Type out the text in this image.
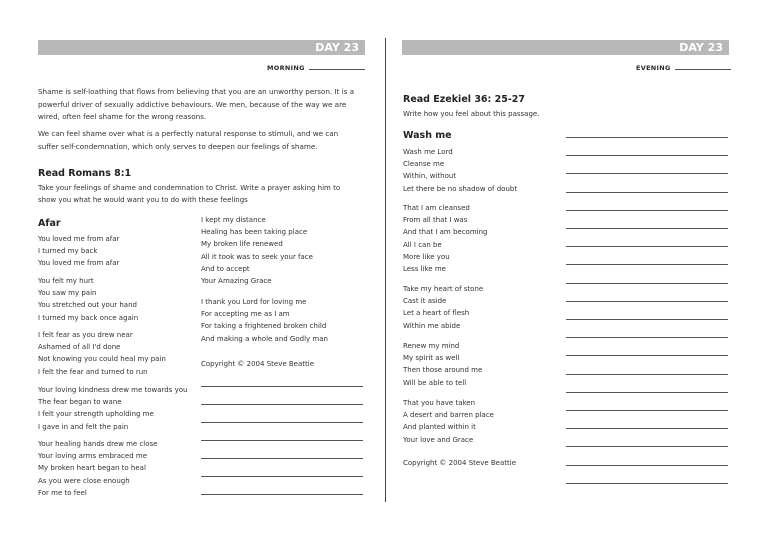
DAY 23
MORNING
Shame is self-loathing that flows from believing that you are an unworthy person. It is a
powerful driver of sexually addictive behaviours. We men, because of the way we are
wired, often feel shame for the wrong reasons.
We can feel shame over what is a perfectly natural response to stimuli, and we can
suffer self-condemnation, which only serves to deepen our feelings of shame.
Read Romans 8:1
Take your feelings of shame and condemnation to Christ. Write a prayer asking him to
show you what he would want you to do with these feelings
Afar
You loved me from afar
I turned my back
You loved me from afar
You felt my hurt
You saw my pain
You stretched out your hand
I turned my back once again
I felt fear as you drew near
Ashamed of all I'd done
Not knowing you could heal my pain
I felt the fear and turned to run
Your loving kindness drew me towards you
The fear began to wane
I felt your strength upholding me
I gave in and felt the pain
Your healing hands drew me close
Your loving arms embraced me
My broken heart began to heal
As you were close enough
For me to feel
I kept my distance
Healing has been taking place
My broken life renewed
All it took was to seek your face
And to accept
Your Amazing Grace
I thank you Lord for loving me
For accepting me as I am
For taking a frightened broken child
And making a whole and Godly man
Copyright © 2004 Steve Beattie
DAY 23
EVENING
Read Ezekiel 36: 25-27
Write how you feel about this passage.
Wash me
Wash me Lord
Cleanse me
Within, without
Let there be no shadow of doubt
That I am cleansed
From all that I was
And that I am becoming
All I can be
More like you
Less like me
Take my heart of stone
Cast it aside
Let a heart of flesh
Within me abide
Renew my mind
My spirit as well
Then those around me
Will be able to tell
That you have taken
A desert and barren place
And planted within it
Your love and Grace
Copyright © 2004 Steve Beattie
